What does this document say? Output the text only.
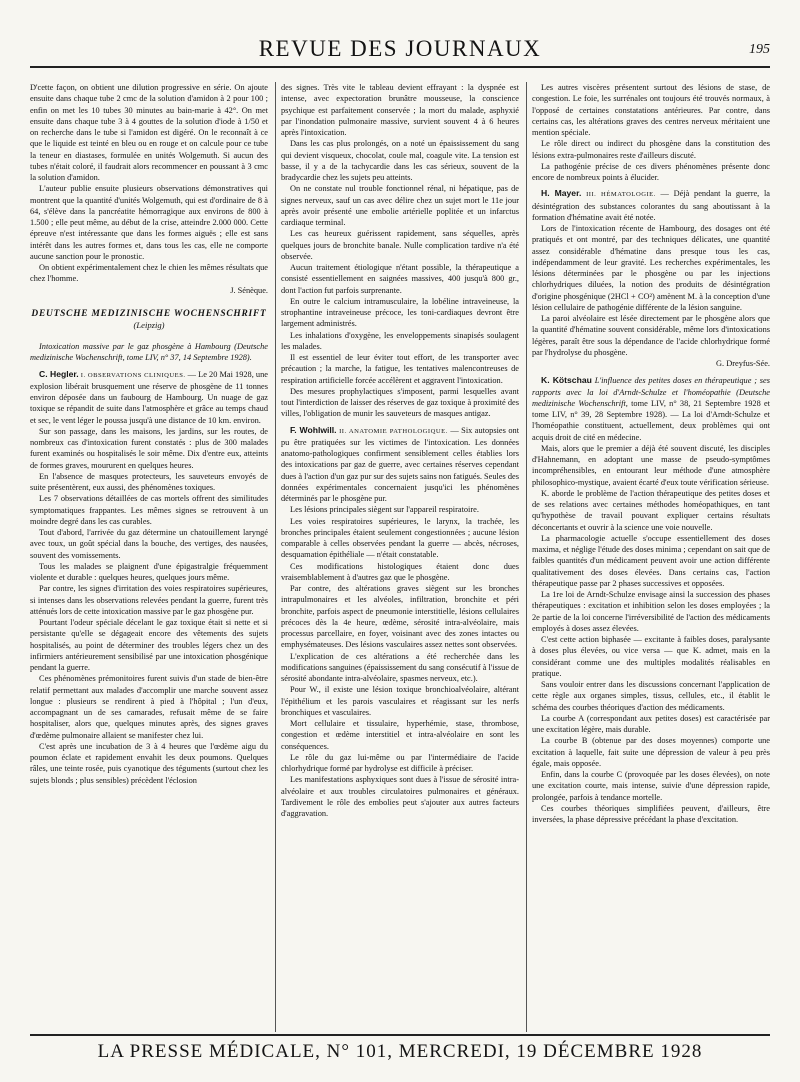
REVUE DES JOURNAUX	195

D'cette façon, on obtient une dilution progressive en série. On ajoute ensuite dans chaque tube 2 cmc de la solution d'amidon à 2 pour 100 ; enfin on met les 10 tubes 30 minutes au bain-marie à 42°. On met ensuite dans chaque tube 3 à 4 gouttes de la solution d'iode à 1/50 et on recherche dans le tube si l'amidon est digéré. On le reconnaît à ce que le liquide est teinté en bleu ou en rouge et on calcule pour ce tube la teneur en diastases, formulée en unités Wolgemuth. Si aucun des tubes n'était coloré, il faudrait alors recommencer en poussant à 3 cmc la solution d'amidon.

L'auteur publie ensuite plusieurs observations démonstratives qui montrent que la quantité d'unités Wolgemuth, qui est d'ordinaire de 8 à 64, s'élève dans la pancréatite hémorragique aux environs de 800 à 1.500 ; elle peut même, au début de la crise, atteindre 2.000 000. Cette épreuve n'est intéressante que dans les formes aiguës ; elle est sans intérêt dans les autres formes et, dans tous les cas, elle ne comporte aucune sanction pour le pronostic.

On obtient expérimentalement chez le chien les mêmes résultats que chez l'homme.

J. Sénèque.

DEUTSCHE MEDIZINISCHE WOCHENSCHRIFT
(Leipzig)

Intoxication massive par le gaz phosgène à Hambourg (Deutsche medizinische Wochenschrift, tome LIV, n° 37, 14 Septembre 1928).

C. Hegler. I. OBSERVATIONS CLINIQUES. — Le 20 Mai 1928, une explosion libérait brusquement une réserve de phosgène de 11 tonnes environ déposée dans un faubourg de Hambourg. Un nuage de gaz toxique se répandit de suite dans l'atmosphère et grâce au temps chaud et sec, le vent léger le poussa jusqu'à une distance de 10 km. environ.

Sur son passage, dans les maisons, les jardins, sur les routes, de nombreux cas d'intoxication furent constatés : plus de 300 malades furent examinés ou hospitalisés le soir même. Dix d'entre eux, atteints de formes graves, moururent en quelques heures.

En l'absence de masques protecteurs, les sauveteurs envoyés de suite présentèrent, eux aussi, des phénomènes toxiques.

Les 7 observations détaillées de cas mortels offrent des similitudes symptomatiques frappantes. Les mêmes signes se retrouvent à un moindre degré dans les cas curables.

Tout d'abord, l'arrivée du gaz détermine un chatouillement laryngé avec toux, un goût spécial dans la bouche, des vertiges, des nausées, souvent des vomissements.

Tous les malades se plaignent d'une épigastralgie fréquemment violente et durable : quelques heures, quelques jours même.

Par contre, les signes d'irritation des voies respiratoires supérieures, si intenses dans les observations relevées pendant la guerre, furent très atténués lors de cette intoxication massive par le gaz phosgène pur.

Pourtant l'odeur spéciale décelant le gaz toxique était si nette et si persistante qu'elle se dégageait encore des vêtements des sujets hospitalisés, au point de déterminer des troubles légers chez un des infirmiers antérieurement sensibilisé par une intoxication phosgénique pendant la guerre.

Ces phénomènes prémonitoires furent suivis d'un stade de bien-être relatif permettant aux malades d'accomplir une marche souvent assez longue : plusieurs se rendirent à pied à l'hôpital ; l'un d'eux, accompagnant un de ses camarades, refusait même de se faire hospitaliser, alors que, quelques minutes après, des signes graves d'œdème pulmonaire allaient se manifester chez lui.

C'est après une incubation de 3 à 4 heures que l'œdème aigu du poumon éclate et rapidement envahit les deux poumons. Quelques râles, une teinte rosée, puis cyanotique des téguments (surtout chez les sujets blonds ; plus sensibles) précèdent l'éclosion

des signes. Très vite le tableau devient effrayant : la dyspnée est intense, avec expectoration brunâtre mousseuse, la conscience psychique est parfaitement conservée ; la mort du malade, asphyxié par l'inondation pulmonaire massive, survient souvent 4 à 6 heures après l'intoxication.

Dans les cas plus prolongés, on a noté un épaississement du sang qui devient visqueux, chocolat, coule mal, coagule vite. La tension est basse, il y a de la tachycardie dans les cas sérieux, souvent de la bradycardie chez les sujets peu atteints.

On ne constate nul trouble fonctionnel rénal, ni hépatique, pas de signes nerveux, sauf un cas avec délire chez un sujet mort le 11e jour après avoir présenté une embolie artérielle poplitée et un infarctus cardiaque terminal.

Les cas heureux guérissent rapidement, sans séquelles, après quelques jours de bronchite banale. Nulle complication tardive n'a été observée.

Aucun traitement étiologique n'étant possible, la thérapeutique a consisté essentiellement en saignées massives, 400 jusqu'à 800 gr., dont l'action fut parfois surprenante.

En outre le calcium intramusculaire, la lobéline intraveineuse, la strophantine intraveineuse précoce, les toni-cardiaques devront être largement administrés.

Les inhalations d'oxygène, les enveloppements sinapisés soulagent les malades.

Il est essentiel de leur éviter tout effort, de les transporter avec précaution ; la marche, la fatigue, les tentatives malencontreuses de respiration artificielle forcée accélèrent et aggravent l'intoxication.

Des mesures prophylactiques s'imposent, parmi lesquelles avant tout l'interdiction de laisser des réserves de gaz toxique à proximité des villes, l'obligation de munir les sauveteurs de masques antigaz.

F. Wohlwill. II. ANATOMIE PATHOLOGIQUE. — Six autopsies ont pu être pratiquées sur les victimes de l'intoxication. Les données anatomo-pathologiques confirment sensiblement celles établies lors des intoxications par gaz de guerre, avec certaines réserves cependant dues à l'action d'un gaz pur sur des sujets sains non fatigués. Seules des données expérimentales concernaient jusqu'ici les phénomènes déterminés par le phosgène pur.

Les lésions principales siègent sur l'appareil respiratoire.

Les voies respiratoires supérieures, le larynx, la trachée, les bronches principales étaient seulement congestionnées ; aucune lésion comparable à celles observées pendant la guerre — abcès, nécroses, desquamation épithéliale — n'était constatable.

Ces modifications histologiques étaient donc dues vraisemblablement à d'autres gaz que le phosgène.

Par contre, des altérations graves siègent sur les bronches intrapulmonaires et les alvéoles, infiltration, bronchite et péri bronchite, parfois aspect de pneumonie interstitielle, lésions cellulaires précoces dès la 4e heure, œdème, sérosité intra-alvéolaire, mais processus parcellaire, en foyer, voisinant avec des zones intactes ou emphysémateuses. Des lésions vasculaires assez nettes sont observées.

L'explication de ces altérations a été recherchée dans les modifications sanguines (épaississement du sang consécutif à l'issue de sérosité abondante intra-alvéolaire, spasmes nerveux, etc.).

Pour W., il existe une lésion toxique bronchioalvéolaire, altérant l'épithélium et les parois vasculaires et réagissant sur les nerfs bronchiques et vasculaires.

Mort cellulaire et tissulaire, hyperhémie, stase, thrombose, congestion et œdème interstitiel et intra-alvéolaire en sont les conséquences.

Le rôle du gaz lui-même ou par l'intermédiaire de l'acide chlorhydrique formé par hydrolyse est difficile à préciser.

Les manifestations asphyxiques sont dues à l'issue de sérosité intra-alvéolaire et aux troubles circulatoires pulmonaires et généraux. Tardivement le rôle des embolies peut s'ajouter aux autres facteurs d'aggravation.

Les autres viscères présentent surtout des lésions de stase, de congestion. Le foie, les surrénales ont toujours été trouvés normaux, à l'opposé de certaines constatations antérieures. Par contre, dans certains cas, les altérations graves des centres nerveux méritaient une mention spéciale.

Le rôle direct ou indirect du phosgène dans la constitution des lésions extra-pulmonaires reste d'ailleurs discuté.

La pathogénie précise de ces divers phénomènes présente donc encore de nombreux points à élucider.

H. Mayer. III. HÉMATOLOGIE. — Déjà pendant la guerre, la désintégration des substances colorantes du sang aboutissant à la formation d'hématine avait été notée.

Lors de l'intoxication récente de Hambourg, des dosages ont été pratiqués et ont montré, par des techniques délicates, une quantité assez considérable d'hématine dans presque tous les cas, indépendamment de leur gravité. Les recherches expérimentales, les lésions déterminées par le phosgène ou par les injections chlorhydriques diluées, la notion des produits de désintégration d'origine phosgénique (2HCl + CO²) amènent M. à la conception d'une lésion cellulaire de pathogénie différente de la lésion sanguine.

La paroi alvéolaire est lésée directement par le phosgène alors que la quantité d'hématine souvent considérable, même lors d'intoxications légères, paraît être sous la dépendance de l'acide chlorhydrique formé par l'hydrolyse du phosgène.

G. Dreyfus-Sée.

K. Kötschau L'influence des petites doses en thérapeutique ; ses rapports avec la loi d'Arndt-Schulze et l'homéopathie (Deutsche medizinische Wochenschrift, tome LIV, n° 38, 21 Septembre 1928 et tome LIV, n° 39, 28 Septembre 1928). — La loi d'Arndt-Schulze et l'homéopathie constituent, actuellement, deux problèmes qui ont acquis droit de cité en médecine.

Mais, alors que le premier a déjà été souvent discuté, les disciples d'Hahnemann, en adoptant une masse de pseudo-symptômes incompréhensibles, en entourant leur méthode d'une atmosphère philosophico-mystique, avaient écarté d'eux toute vérification sérieuse.

K. aborde le problème de l'action thérapeutique des petites doses et de ses relations avec certaines méthodes homéopathiques, en tant qu'hypothèse de travail pouvant expliquer certains résultats déconcertants et ouvrir à la science une voie nouvelle.

La pharmacologie actuelle s'occupe essentiellement des doses maxima, et néglige l'étude des doses minima ; cependant on sait que de faibles quantités d'un médicament peuvent avoir une action différente qualitativement des doses élevées. Dans certains cas, l'action thérapeutique passe par 2 phases successives et opposées.

La 1re loi de Arndt-Schulze envisage ainsi la succession des phases thérapeutiques : excitation et inhibition selon les doses employées ; la 2e partie de la loi concerne l'irréversibilité de l'action des médicaments employés à doses assez élevées.

C'est cette action biphasée — excitante à faibles doses, paralysante à doses plus élevées, ou vice versa — que K. admet, mais en la considérant comme une des multiples modalités réalisables en pratique.

Sans vouloir entrer dans les discussions concernant l'application de cette règle aux organes simples, tissus, cellules, etc., il établit le schéma des courbes théoriques d'action des médicaments.

La courbe A (correspondant aux petites doses) est caractérisée par une excitation légère, mais durable.

La courbe B (obtenue par des doses moyennes) comporte une excitation à laquelle, fait suite une dépression de valeur à peu près égale, mais opposée.

Enfin, dans la courbe C (provoquée par les doses élevées), on note une excitation courte, mais intense, suivie d'une dépression rapide, prolongée, parfois à tendance mortelle.

Ces courbes théoriques simplifiées peuvent, d'ailleurs, être inversées, la phase dépressive précédant la phase d'excitation.

LA PRESSE MÉDICALE, N° 101, MERCREDI, 19 DÉCEMBRE 1928
